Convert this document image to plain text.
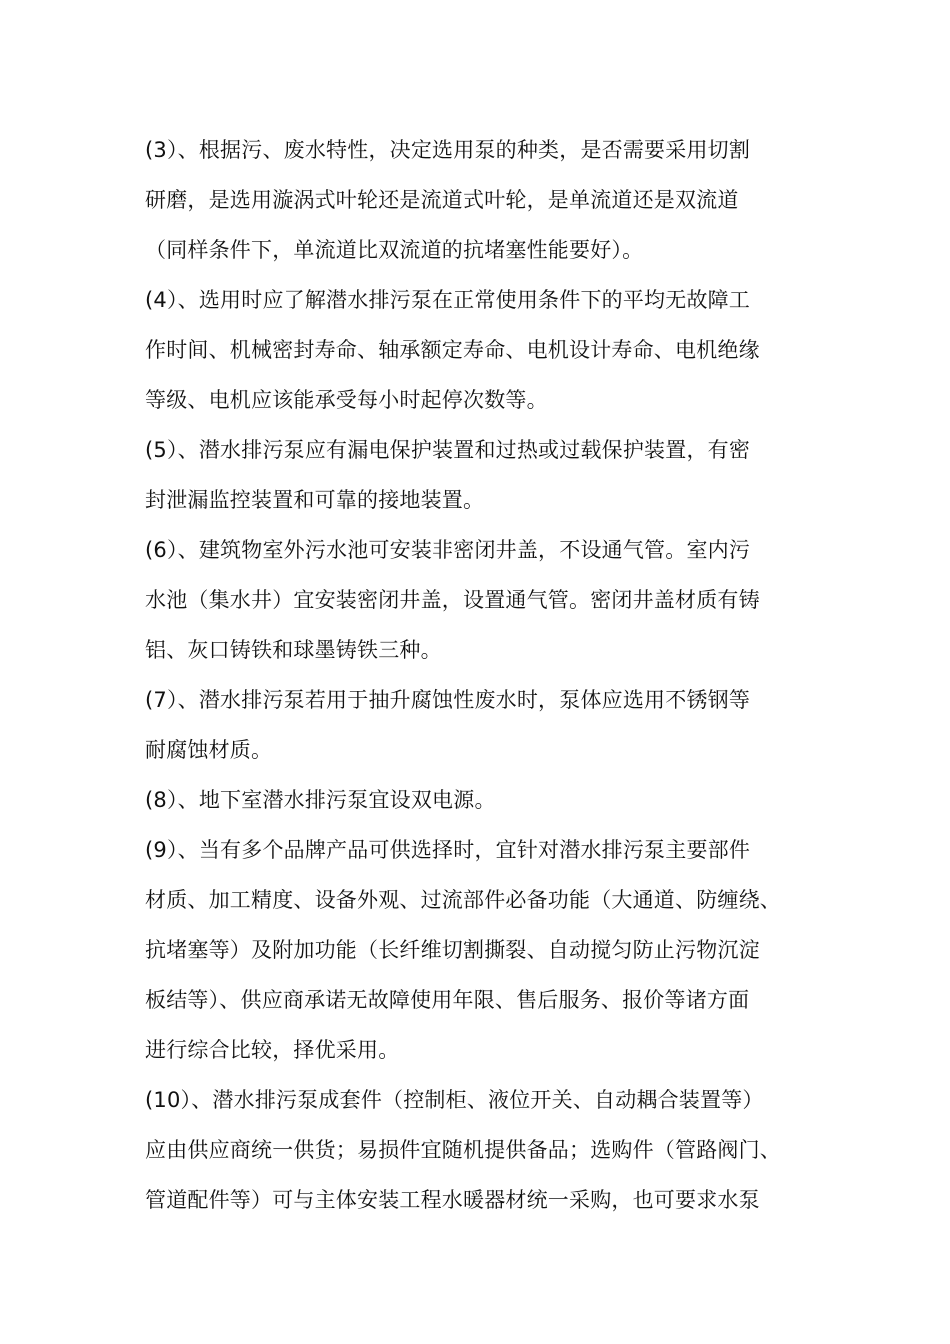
(3）、根据污、废水特性，决定选用泵的种类，是否需要采用切割
研磨，是选用漩涡式叶轮还是流道式叶轮，是单流道还是双流道
（同样条件下，单流道比双流道的抗堵塞性能要好）。
(4）、选用时应了解潜水排污泵在正常使用条件下的平均无故障工
作时间、机械密封寿命、轴承额定寿命、电机设计寿命、电机绝缘
等级、电机应该能承受每小时起停次数等。
(5）、潜水排污泵应有漏电保护装置和过热或过载保护装置，有密
封泄漏监控装置和可靠的接地装置。
(6）、建筑物室外污水池可安装非密闭井盖，不设通气管。室内污
水池（集水井）宜安装密闭井盖，设置通气管。密闭井盖材质有铸
铝、灰口铸铁和球墨铸铁三种。
(7）、潜水排污泵若用于抽升腐蚀性废水时，泵体应选用不锈钢等
耐腐蚀材质。
(8）、地下室潜水排污泵宜设双电源。
(9）、当有多个品牌产品可供选择时，宜针对潜水排污泵主要部件
材质、加工精度、设备外观、过流部件必备功能（大通道、防缠绕、
抗堵塞等）及附加功能（长纤维切割撕裂、自动搅匀防止污物沉淀
板结等）、供应商承诺无故障使用年限、售后服务、报价等诸方面
进行综合比较，择优采用。
(10）、潜水排污泵成套件（控制柜、液位开关、自动耦合装置等）
应由供应商统一供货；易损件宜随机提供备品；选购件（管路阀门、
管道配件等）可与主体安装工程水暖器材统一采购，也可要求水泵
